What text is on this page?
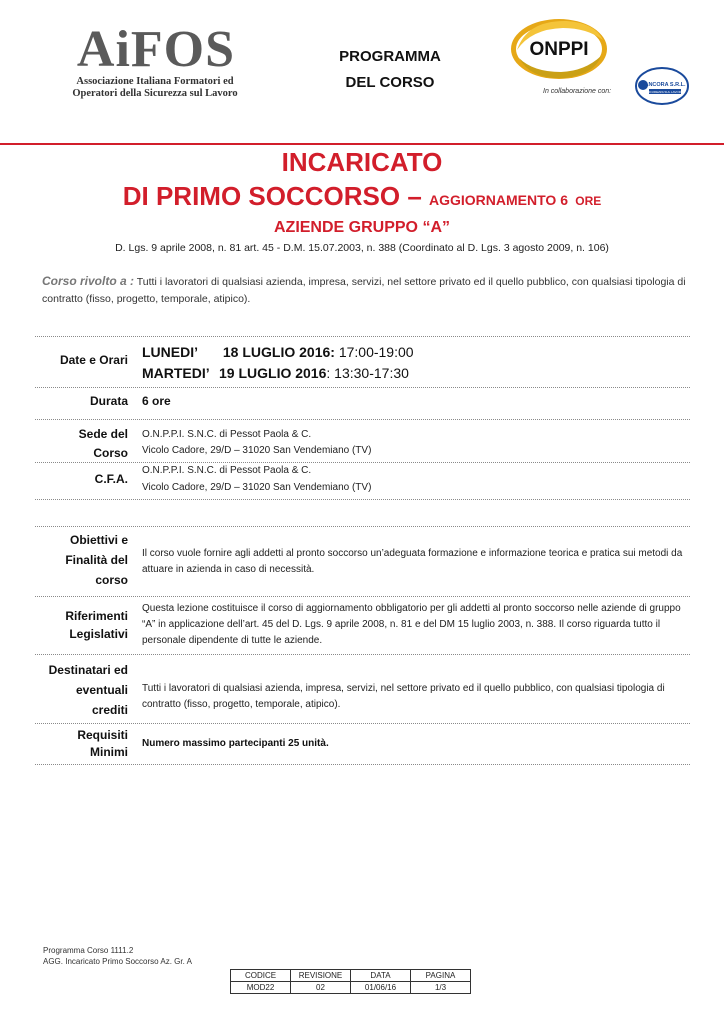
AiFOS
Associazione Italiana Formatori ed
Operatori della Sicurezza sul Lavoro
PROGRAMMA
DEL CORSO
ONPPI
In collaborazione con:
ANCORA S.R.L.
SICUREZZA SUL LAVORO
INCARICATO
DI PRIMO SOCCORSO – AGGIORNAMENTO 6 ORE
AZIENDE GRUPPO “A”
D. Lgs. 9 aprile 2008, n. 81 art. 45 - D.M. 15.07.2003, n. 388 (Coordinato al D. Lgs. 3 agosto 2009, n. 106)
Corso rivolto a : Tutti i lavoratori di qualsiasi azienda, impresa, servizi, nel settore privato ed il quello pubblico, con qualsiasi tipologia di contratto (fisso, progetto, temporale, atipico).
Date e Orari LUNEDI’ 18 LUGLIO 2016: 17:00-19:00
MARTEDI’ 19 LUGLIO 2016: 13:30-17:30
Durata 6 ore
Sede del
Corso
O.N.P.P.I. S.N.C. di Pessot Paola & C.
Vicolo Cadore, 29/D – 31020 San Vendemiano (TV)
C.F.A.
O.N.P.P.I. S.N.C. di Pessot Paola & C.
Vicolo Cadore, 29/D – 31020 San Vendemiano (TV)
Obiettivi e
Finalità del
corso
Il corso vuole fornire agli addetti al pronto soccorso un’adeguata formazione e informazione teorica e pratica sui metodi da attuare in azienda in caso di necessità.
Riferimenti
Legislativi
Questa lezione costituisce il corso di aggiornamento obbligatorio per gli addetti al pronto soccorso nelle aziende di gruppo “A” in applicazione dell’art. 45 del D. Lgs. 9 aprile 2008, n. 81 e del DM 15 luglio 2003, n. 388. Il corso riguarda tutto il personale dipendente di tutte le aziende.
Destinatari ed
eventuali
crediti
Tutti i lavoratori di qualsiasi azienda, impresa, servizi, nel settore privato ed il quello pubblico, con qualsiasi tipologia di contratto (fisso, progetto, temporale, atipico).
Requisiti
Minimi
Numero massimo partecipanti 25 unità.
Programma Corso 1111.2
AGG. Incaricato Primo Soccorso Az. Gr. A
CODICE	REVISIONE	DATA	PAGINA
MOD22	02	01/06/16	1/3
